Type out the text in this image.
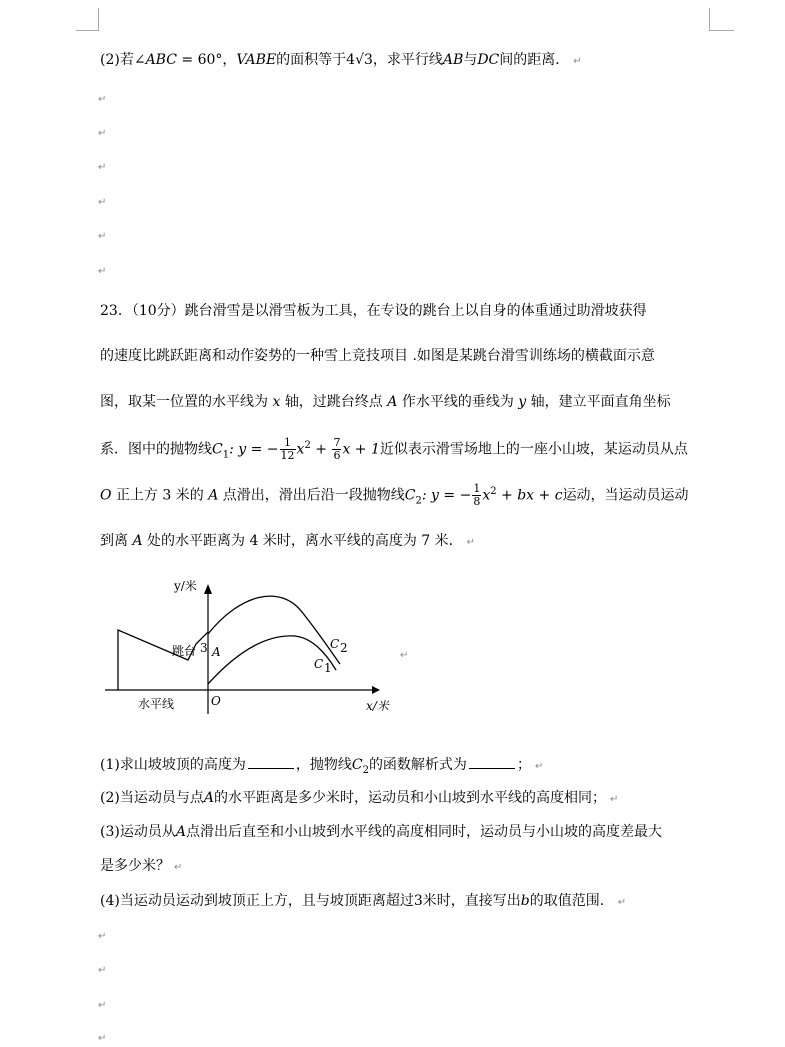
(2)若∠ABC = 60°，VABE的面积等于4√3，求平行线AB与DC间的距离． ↵
↵
↵
↵
↵
↵
↵
23．（10分）跳台滑雪是以滑雪板为工具，在专设的跳台上以自身的体重通过助滑坡获得
的速度比跳跃距离和动作姿势的一种雪上竞技项目 .如图是某跳台滑雪训练场的横截面示意
图，取某一位置的水平线为 x 轴，过跳台终点 A 作水平线的垂线为 y 轴，建立平面直角坐标
系．图中的抛物线$C_1$: y = − $\frac{1}{12} x^2 + \frac{7}{6}$ x + 1近似表示滑雪场地上的一座小山坡，某运动员从点
O 正上方 3 米的 A 点滑出，滑出后沿一段抛物线$C_2$: y = − $\frac{1}{8} x^2$ + bx + c运动，当运动员运动
到离 A 处的水平距离为 4 米时，离水平线的高度为 7 米． ↵
y/米
x/米
跳台 3 A
O
C 2
C 1
水平线
↵
(1)求山坡坡顶的高度为	，抛物线$C_2$的函数解析式为	； ↵
(2)当运动员与点A的水平距离是多少米时，运动员和小山坡到水平线的高度相同； ↵
(3)运动员从A点滑出后直至和小山坡到水平线的高度相同时，运动员与小山坡的高度差最大
是多少米？ ↵
(4)当运动员运动到坡顶正上方，且与坡顶距离超过3米时，直接写出b的取值范围． ↵
↵
↵
↵
↵
